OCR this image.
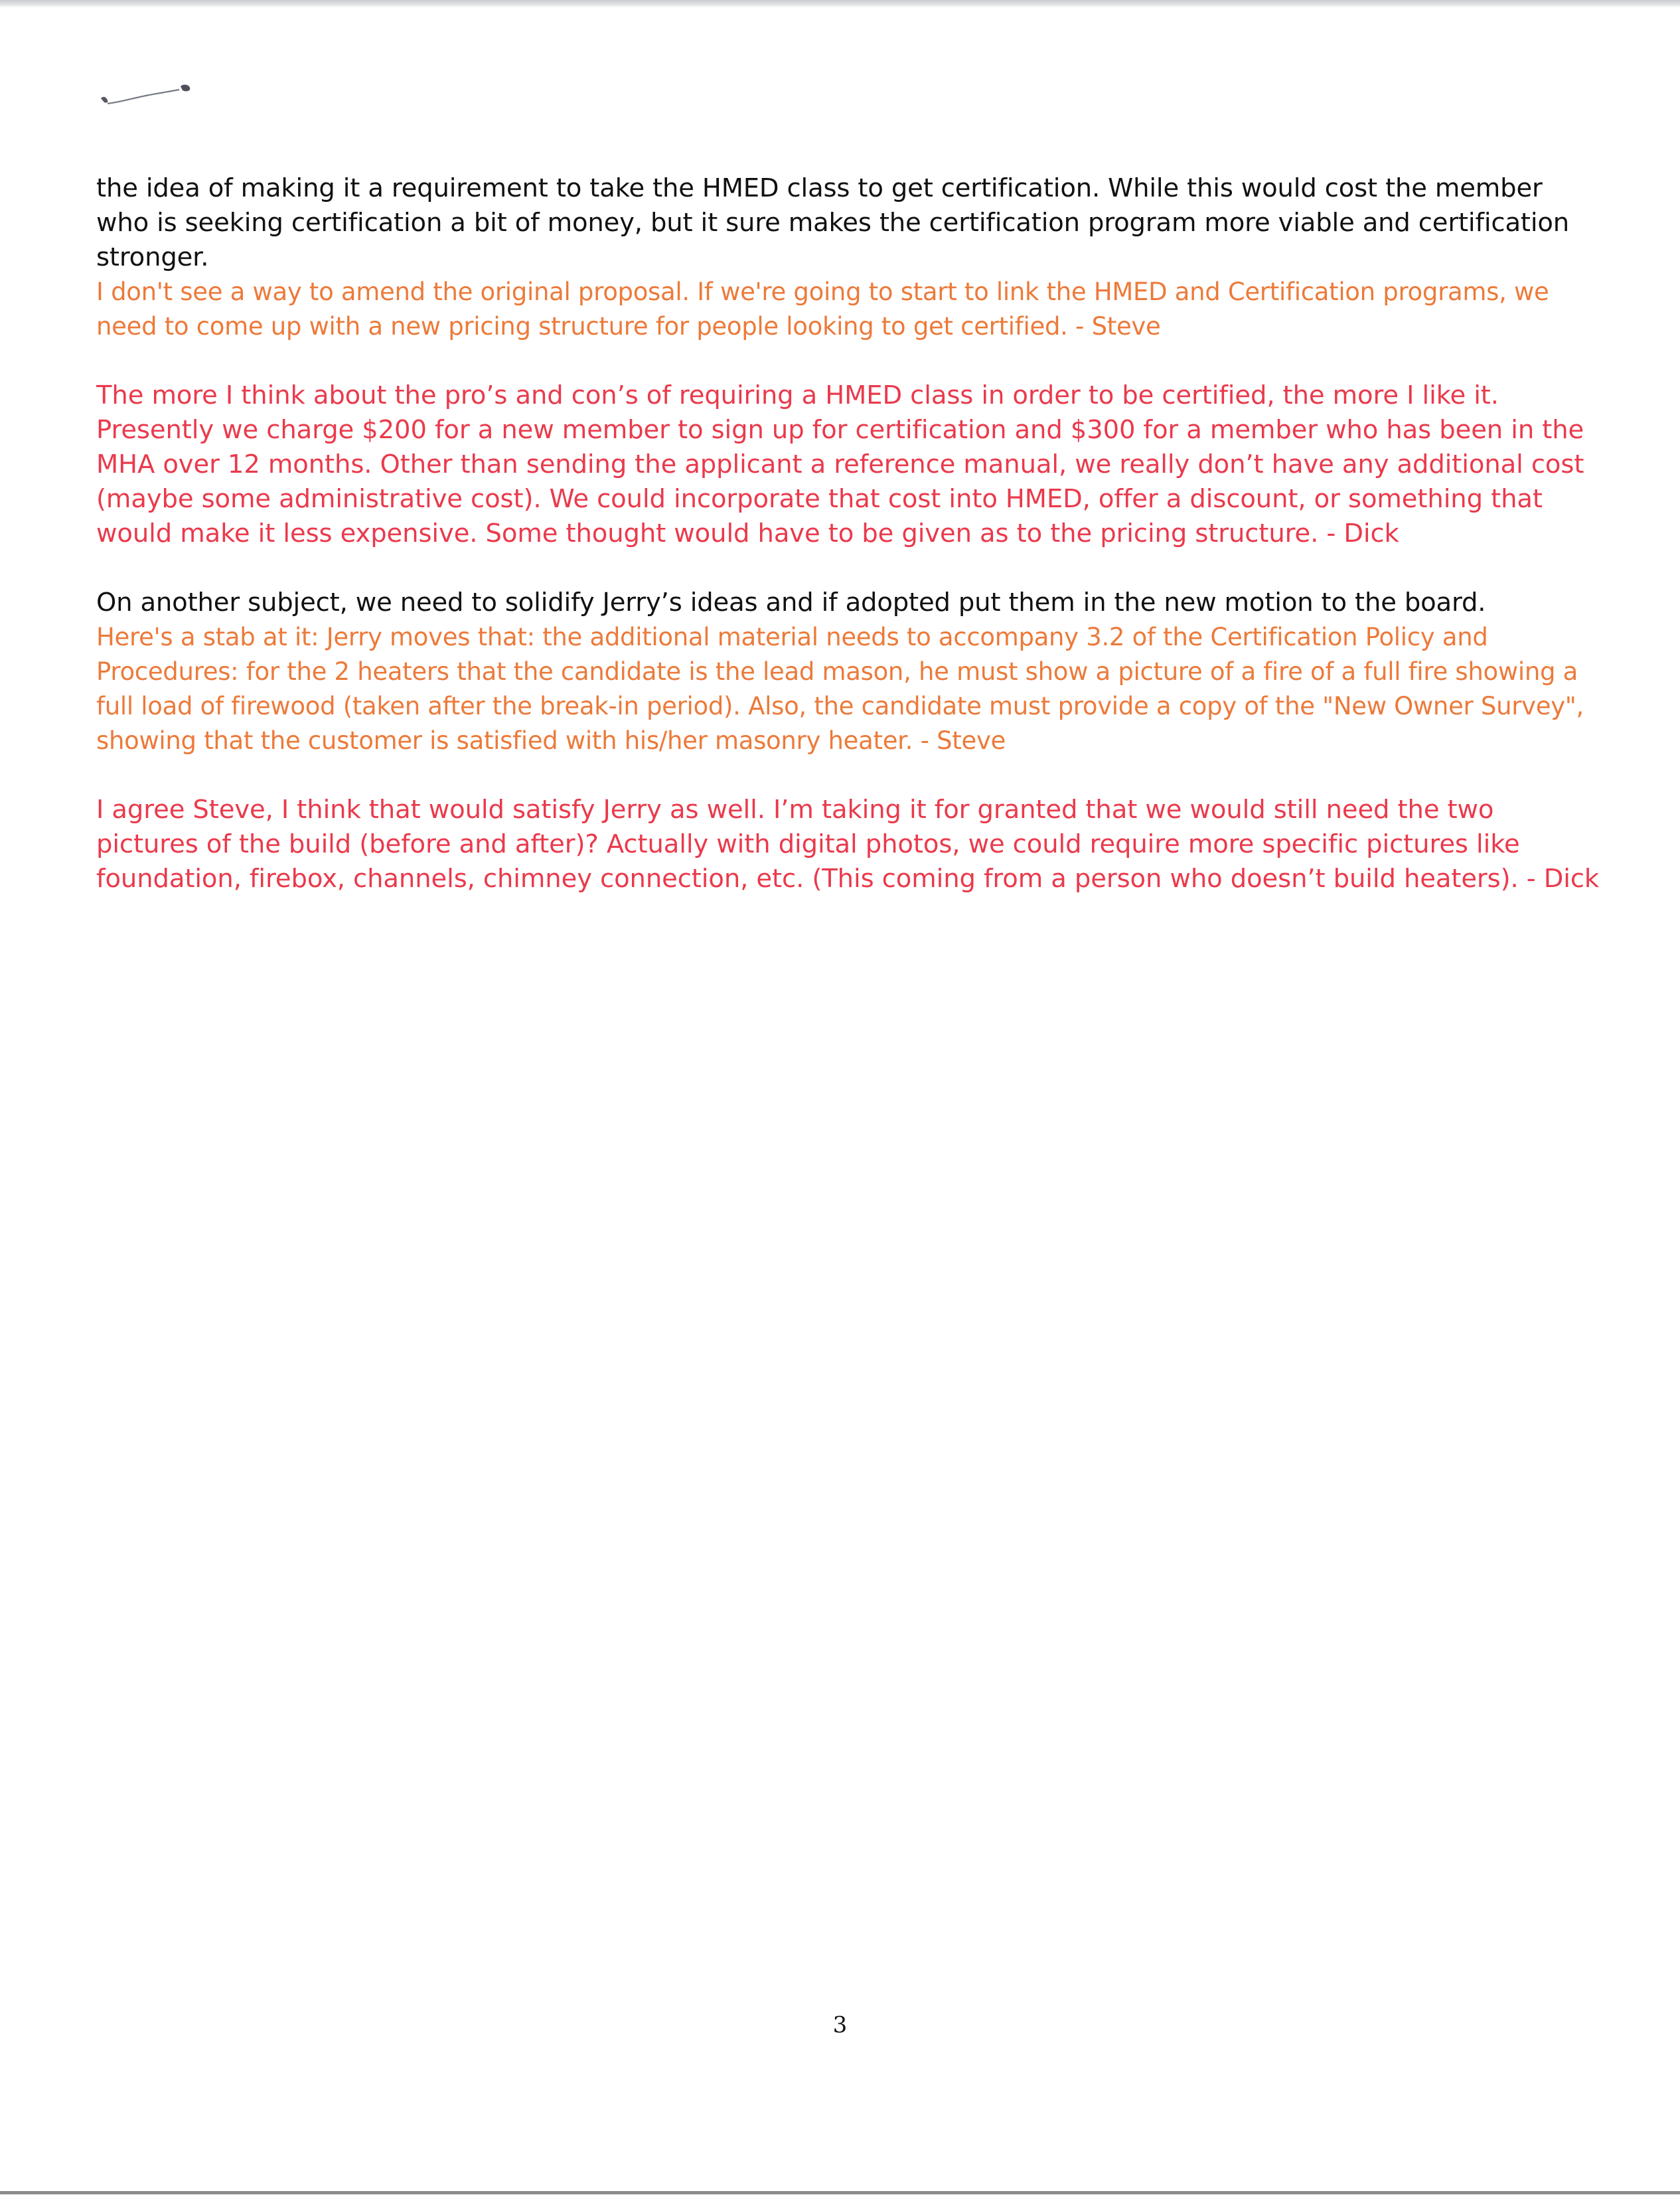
the idea of making it a requirement to take the HMED class to get certification. While this would cost the member who is seeking certification a bit of money, but it sure makes the certification program more viable and certification stronger.

I don't see a way to amend the original proposal. If we're going to start to link the HMED and Certification programs, we need to come up with a new pricing structure for people looking to get certified. - Steve

The more I think about the pro’s and con’s of requiring a HMED class in order to be certified, the more I like it. Presently we charge $200 for a new member to sign up for certification and $300 for a member who has been in the MHA over 12 months. Other than sending the applicant a reference manual, we really don’t have any additional cost (maybe some administrative cost). We could incorporate that cost into HMED, offer a discount, or something that would make it less expensive. Some thought would have to be given as to the pricing structure. - Dick

On another subject, we need to solidify Jerry’s ideas and if adopted put them in the new motion to the board.

Here's a stab at it: Jerry moves that: the additional material needs to accompany 3.2 of the Certification Policy and Procedures: for the 2 heaters that the candidate is the lead mason, he must show a picture of a fire of a full fire showing a full load of firewood (taken after the break-in period). Also, the candidate must provide a copy of the "New Owner Survey", showing that the customer is satisfied with his/her masonry heater. - Steve

I agree Steve, I think that would satisfy Jerry as well. I’m taking it for granted that we would still need the two pictures of the build (before and after)? Actually with digital photos, we could require more specific pictures like foundation, firebox, channels, chimney connection, etc. (This coming from a person who doesn’t build heaters). - Dick

3
